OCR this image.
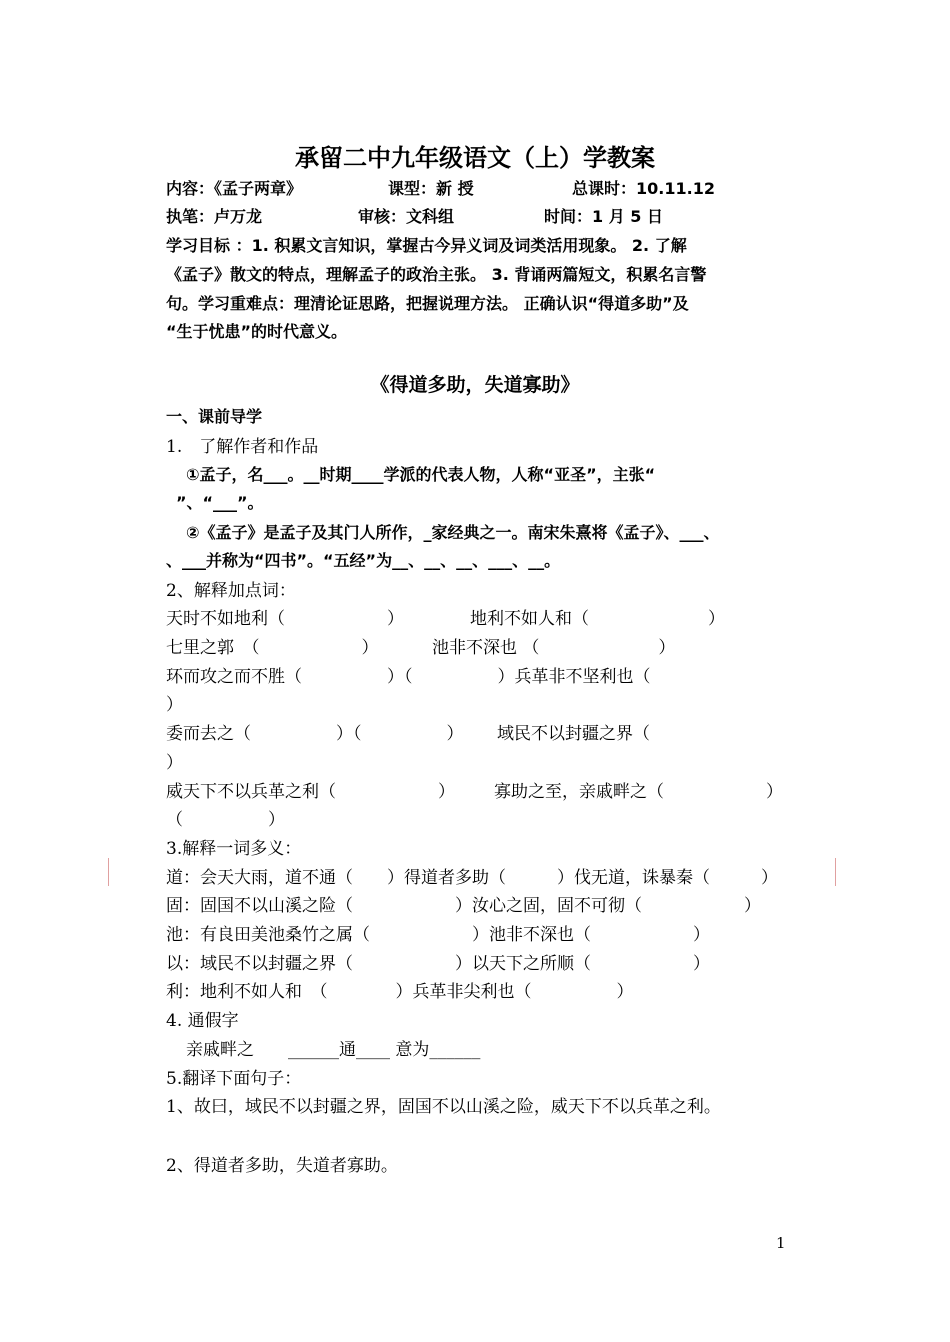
承留二中九年级语文（上）学教案
内容：《孟子两章》	课型：新 授	总课时：10.11.12
执笔：卢万龙	审核：文科组	时间：1 月 5 日
学习目标 ：1. 积累文言知识，掌握古今异义词及词类活用现象。 2. 了解
《孟子》散文的特点，理解孟子的政治主张。 3. 背诵两篇短文，积累名言警
句。学习重难点：理清论证思路，把握说理方法。 正确认识“得道多助”及
“生于忧患”的时代意义。
《得道多助，失道寡助》
一、课前导学
1.　了解作者和作品
①孟子，名___。__时期____学派的代表人物，人称“亚圣”，主张“
”、“___”。
②《孟子》是孟子及其门人所作，_家经典之一。南宋朱熹将《孟子》、___、
、___并称为“四书”。“五经”为__、__、__、___、__。
2、解释加点词：
天时不如地利（　　　　　　）	地利不如人和（　　　　　　　）
七里之郭　（　　　　　　）	池非不深也 （　　　　　　　）
环而攻之而不胜（　　　　　）（　　　　　）兵革非不坚利也（
）
委而去之（　　　　　）（　　　　　） 域民不以封疆之界（
）
威天下不以兵革之利（　　　　　　） 寡助之至，亲戚畔之（　　　　　　）
（　　　　　）
3.解释一词多义：
道：会天大雨，道不通（　　）得道者多助（　　　）伐无道，诛暴秦（　　　）
固：固国不以山溪之险（　　　　　　）汝心之固，固不可彻（　　　　　　）
池：有良田美池桑竹之属（　　　　　　）池非不深也（　　　　　　）
以：域民不以封疆之界（　　　　　　）以天下之所顺（　　　　　　）
利：地利不如人和　（　　　　）兵革非尖利也（　　　　　）
4. 通假字
亲戚畔之　　______通____ 意为______
5.翻译下面句子：
1、故曰，域民不以封疆之界，固国不以山溪之险，威天下不以兵革之利。
2、得道者多助，失道者寡助。
1
